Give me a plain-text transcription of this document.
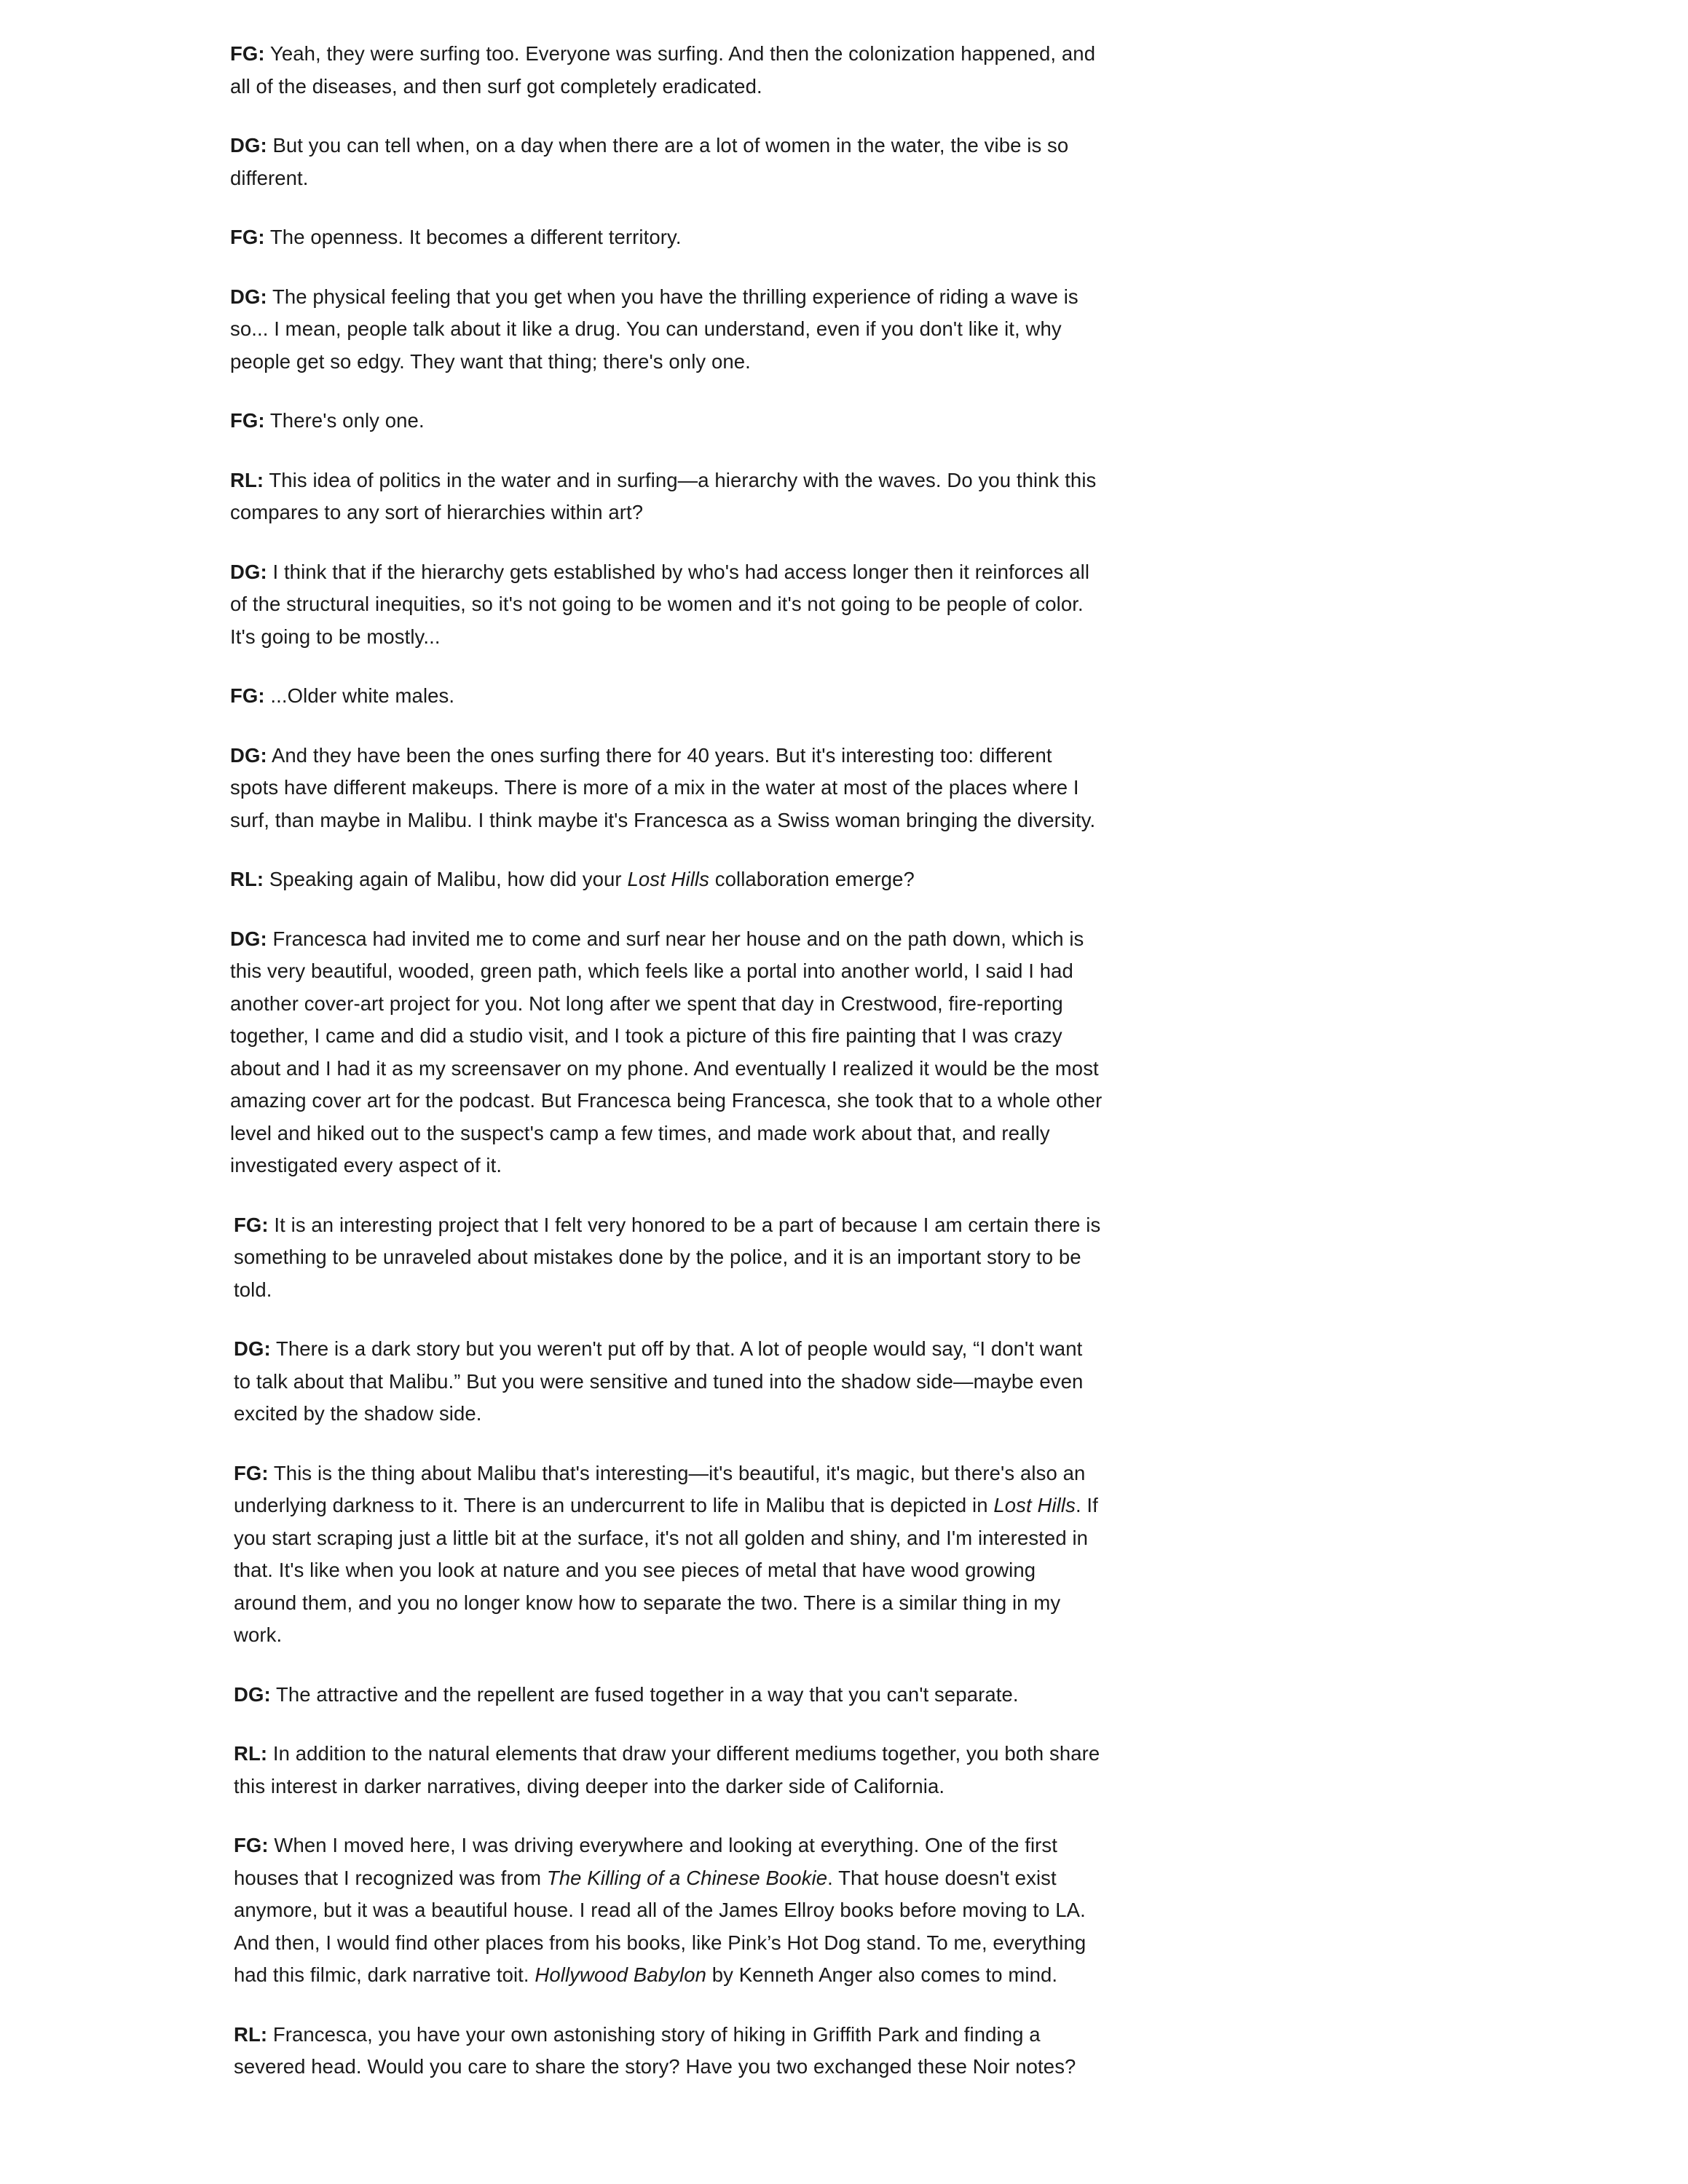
FG: Yeah, they were surfing too. Everyone was surfing. And then the colonization happened, and all of the diseases, and then surf got completely eradicated.

DG: But you can tell when, on a day when there are a lot of women in the water, the vibe is so different.

FG: The openness. It becomes a different territory.

DG: The physical feeling that you get when you have the thrilling experience of riding a wave is so... I mean, people talk about it like a drug. You can understand, even if you don't like it, why people get so edgy. They want that thing; there's only one.

FG: There's only one.

RL: This idea of politics in the water and in surfing—a hierarchy with the waves. Do you think this compares to any sort of hierarchies within art?

DG: I think that if the hierarchy gets established by who's had access longer then it reinforces all of the structural inequities, so it's not going to be women and it's not going to be people of color. It's going to be mostly...

FG: ...Older white males.

DG: And they have been the ones surfing there for 40 years. But it's interesting too: different spots have different makeups. There is more of a mix in the water at most of the places where I surf, than maybe in Malibu. I think maybe it's Francesca as a Swiss woman bringing the diversity.

RL: Speaking again of Malibu, how did your Lost Hills collaboration emerge?

DG: Francesca had invited me to come and surf near her house and on the path down, which is this very beautiful, wooded, green path, which feels like a portal into another world, I said I had another cover-art project for you. Not long after we spent that day in Crestwood, fire-reporting together, I came and did a studio visit, and I took a picture of this fire painting that I was crazy about and I had it as my screensaver on my phone. And eventually I realized it would be the most amazing cover art for the podcast. But Francesca being Francesca, she took that to a whole other level and hiked out to the suspect's camp a few times, and made work about that, and really investigated every aspect of it.

FG: It is an interesting project that I felt very honored to be a part of because I am certain there is something to be unraveled about mistakes done by the police, and it is an important story to be told.

DG: There is a dark story but you weren't put off by that. A lot of people would say, “I don't want to talk about that Malibu.” But you were sensitive and tuned into the shadow side—maybe even excited by the shadow side.

FG: This is the thing about Malibu that's interesting—it's beautiful, it's magic, but there's also an underlying darkness to it. There is an undercurrent to life in Malibu that is depicted in Lost Hills. If you start scraping just a little bit at the surface, it's not all golden and shiny, and I'm interested in that. It's like when you look at nature and you see pieces of metal that have wood growing around them, and you no longer know how to separate the two. There is a similar thing in my work.

DG: The attractive and the repellent are fused together in a way that you can't separate.

RL: In addition to the natural elements that draw your different mediums together, you both share this interest in darker narratives, diving deeper into the darker side of California.

FG: When I moved here, I was driving everywhere and looking at everything. One of the first houses that I recognized was from The Killing of a Chinese Bookie. That house doesn't exist anymore, but it was a beautiful house. I read all of the James Ellroy books before moving to LA. And then, I would find other places from his books, like Pink’s Hot Dog stand. To me, everything had this filmic, dark narrative toit. Hollywood Babylon by Kenneth Anger also comes to mind.

RL: Francesca, you have your own astonishing story of hiking in Griffith Park and finding a severed head. Would you care to share the story? Have you two exchanged these Noir notes?
